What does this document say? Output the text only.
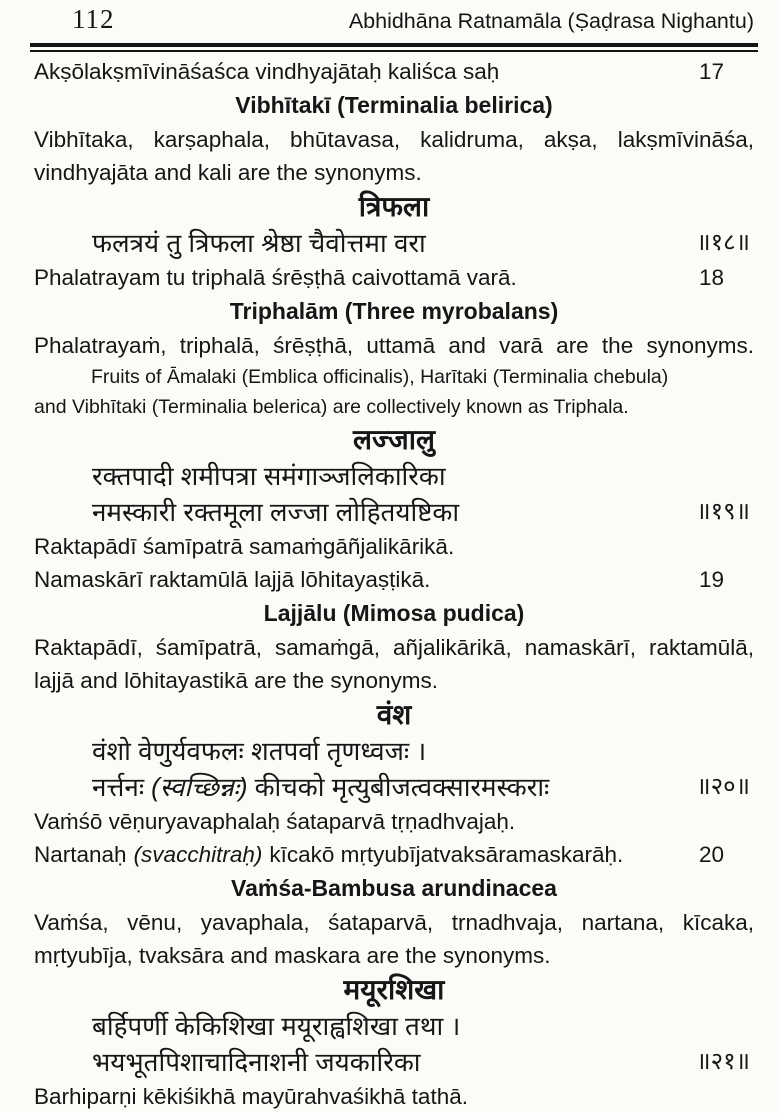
112	Abhidhāna Ratnamāla (Ṣaḍrasa Nighantu)
Akṣōlakṣmīvināśaśca vindhyajātaḥ kaliśca saḥ	17
Vibhītakī (Terminalia belirica)
Vibhītaka, karṣaphala, bhūtavasa, kalidruma, akṣa, lakṣmīvināśa,
vindhyajāta and kali are the synonyms.
त्रिफला
फलत्रयं तु त्रिफला श्रेष्ठा चैवोत्तमा वरा	॥१८॥
Phalatrayam tu triphalā śrēṣṭhā caivottamā varā.	18
Triphalām (Three myrobalans)
Phalatrayaṁ, triphalā, śrēṣṭhā, uttamā and varā are the synonyms.
Fruits of Āmalaki (Emblica officinalis), Harītaki (Terminalia chebula)
and Vibhītaki (Terminalia belerica) are collectively known as Triphala.
लज्जालु
रक्तपादी शमीपत्रा समंगाञ्जलिकारिका
नमस्कारी रक्तमूला लज्जा लोहितयष्टिका	॥१९॥
Raktapādī śamīpatrā samaṁgāñjalikārikā.
Namaskārī raktamūlā lajjā lōhitayaṣṭikā.	19
Lajjālu (Mimosa pudica)
Raktapādī, śamīpatrā, samaṁgā, añjalikārikā, namaskārī, raktamūlā,
lajjā and lōhitayastikā are the synonyms.
वंश
वंशो वेणुर्यवफलः शतपर्वा तृणध्वजः ।
नर्त्तनः (स्वच्छिन्नः) कीचको मृत्युबीजत्वक्सारमस्कराः	॥२०॥
Vaṁśō vēṇuryavaphalaḥ śataparvā tṛṇadhvajaḥ.
Nartanaḥ (svacchitraḥ) kīcakō mṛtyubījatvaksāramaskarāḥ.	20
Vaṁśa-Bambusa arundinacea
Vaṁśa, vēnu, yavaphala, śataparvā, trnadhvaja, nartana, kīcaka,
mṛtyubīja, tvaksāra and maskara are the synonyms.
मयूरशिखा
बर्हिपर्णी केकिशिखा मयूराह्वशिखा तथा ।
भयभूतपिशाचादिनाशनी जयकारिका	॥२१॥
Barhiparṇi kēkiśikhā mayūrahvaśikhā tathā.
